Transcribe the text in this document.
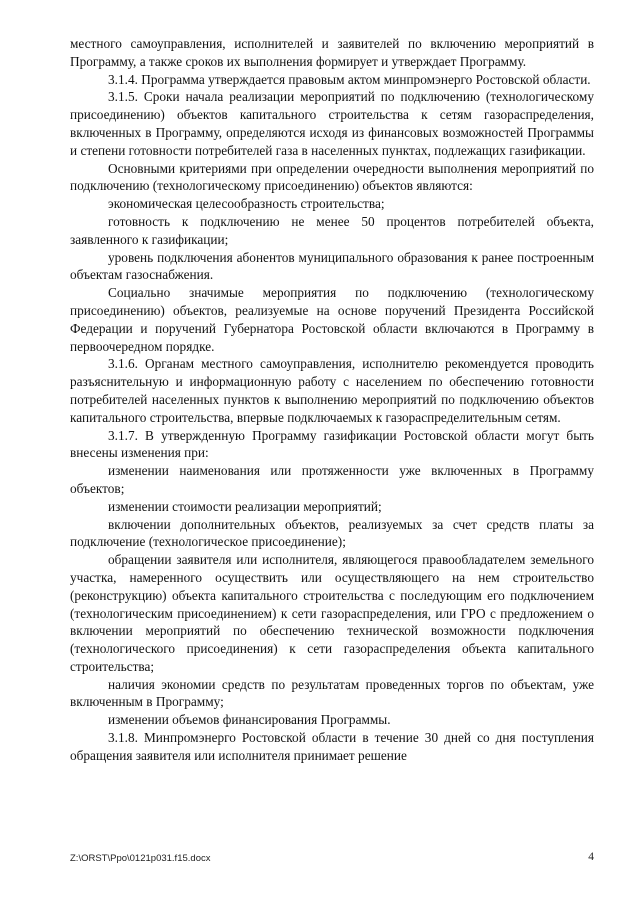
местного самоуправления, исполнителей и заявителей по включению мероприятий в Программу, а также сроков их выполнения формирует и утверждает Программу.

3.1.4. Программа утверждается правовым актом минпромэнерго Ростовской области.

3.1.5. Сроки начала реализации мероприятий по подключению (технологическому присоединению) объектов капитального строительства к сетям газораспределения, включенных в Программу, определяются исходя из финансовых возможностей Программы и степени готовности потребителей газа в населенных пунктах, подлежащих газификации.

Основными критериями при определении очередности выполнения мероприятий по подключению (технологическому присоединению) объектов являются:

экономическая целесообразность строительства;

готовность к подключению не менее 50 процентов потребителей объекта, заявленного к газификации;

уровень подключения абонентов муниципального образования к ранее построенным объектам газоснабжения.

Социально значимые мероприятия по подключению (технологическому присоединению) объектов, реализуемые на основе поручений Президента Российской Федерации и поручений Губернатора Ростовской области включаются в Программу в первоочередном порядке.

3.1.6. Органам местного самоуправления, исполнителю рекомендуется проводить разъяснительную и информационную работу с населением по обеспечению готовности потребителей населенных пунктов к выполнению мероприятий по подключению объектов капитального строительства, впервые подключаемых к газораспределительным сетям.

3.1.7. В утвержденную Программу газификации Ростовской области могут быть внесены изменения при:

изменении наименования или протяженности уже включенных в Программу объектов;

изменении стоимости реализации мероприятий;

включении дополнительных объектов, реализуемых за счет средств платы за подключение (технологическое присоединение);

обращении заявителя или исполнителя, являющегося правообладателем земельного участка, намеренного осуществить или осуществляющего на нем строительство (реконструкцию) объекта капитального строительства с последующим его подключением (технологическим присоединением) к сети газораспределения, или ГРО с предложением о включении мероприятий по обеспечению технической возможности подключения (технологического присоединения) к сети газораспределения объекта капитального строительства;

наличия экономии средств по результатам проведенных торгов по объектам, уже включенным в Программу;

изменении объемов финансирования Программы.

3.1.8. Минпромэнерго Ростовской области в течение 30 дней со дня поступления обращения заявителя или исполнителя принимает решение

Z:\ORST\Ppo\0121p031.f15.docx	4
